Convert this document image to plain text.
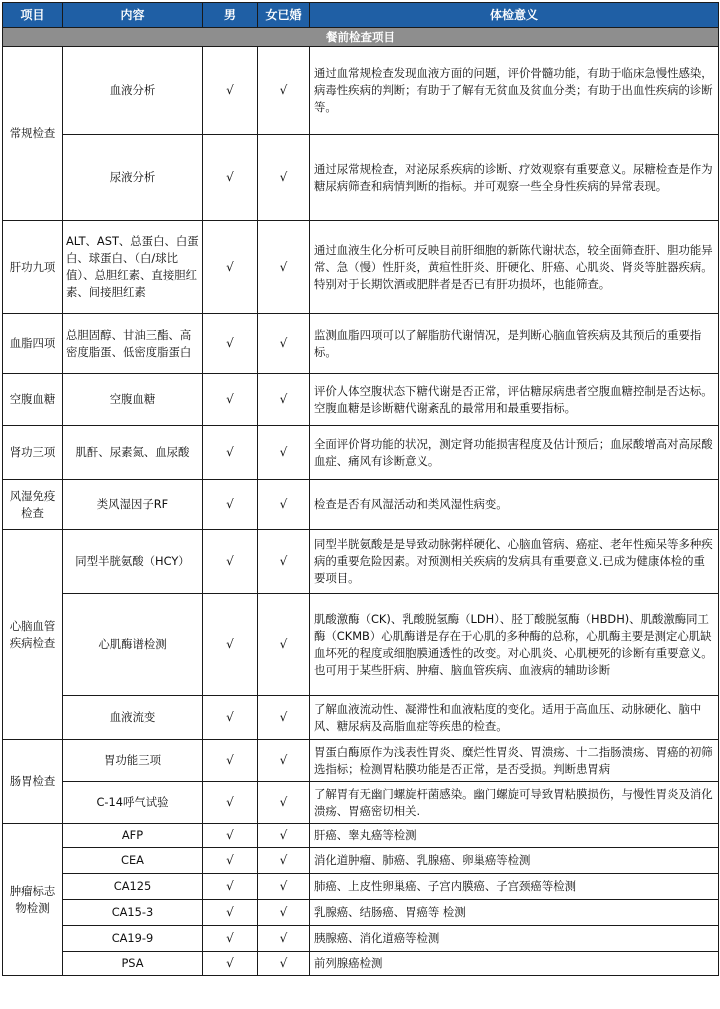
项目	内容	男	女已婚	体检意义
餐前检查项目				
常规检查	血液分析	√	√	通过血常规检查发现血液方面的问题，评价骨髓功能，有助于临床急慢性感染，病毒性疾病的判断；有助于了解有无贫血及贫血分类；有助于出血性疾病的诊断等。
	尿液分析	√	√	通过尿常规检查，对泌尿系疾病的诊断、疗效观察有重要意义。尿糖检查是作为糖尿病筛查和病情判断的指标。并可观察一些全身性疾病的异常表现。
肝功九项	ALT、AST、总蛋白、白蛋白、球蛋白、（白/球比值）、总胆红素、直接胆红素、间接胆红素	√	√	通过血液生化分析可反映目前肝细胞的新陈代谢状态，较全面筛查肝、胆功能异常、急（慢）性肝炎，黄疸性肝炎、肝硬化、肝癌、心肌炎、肾炎等脏器疾病。特别对于长期饮酒或肥胖者是否已有肝功损坏，也能筛查。
血脂四项	总胆固醇、甘油三酯、高密度脂蛋、低密度脂蛋白	√	√	监测血脂四项可以了解脂肪代谢情况，是判断心脑血管疾病及其预后的重要指标。
空腹血糖	空腹血糖	√	√	评价人体空腹状态下糖代谢是否正常，评估糖尿病患者空腹血糖控制是否达标。空腹血糖是诊断糖代谢紊乱的最常用和最重要指标。
肾功三项	肌酐、尿素氮、血尿酸	√	√	全面评价肾功能的状况，测定肾功能损害程度及估计预后；血尿酸增高对高尿酸血症、痛风有诊断意义。
风湿免疫检查	类风湿因子RF	√	√	检查是否有风湿活动和类风湿性病变。
心脑血管疾病检查	同型半胱氨酸（HCY）	√	√	同型半胱氨酸是是导致动脉粥样硬化、心脑血管病、癌症、老年性痴呆等多种疾病的重要危险因素。对预测相关疾病的发病具有重要意义.已成为健康体检的重要项目。
	心肌酶谱检测	√	√	肌酸激酶（CK)、乳酸脱氢酶（LDH）、胫丁酸脱氢酶（HBDH)、肌酸激酶同工酶（CKMB）心肌酶谱是存在于心肌的多种酶的总称，心肌酶主要是测定心肌缺血坏死的程度或细胞膜通透性的改变。对心肌炎、心肌梗死的诊断有重要意义。也可用于某些肝病、肿瘤、脑血管疾病、血液病的辅助诊断
	血液流变	√	√	了解血液流动性、凝滞性和血液粘度的变化。适用于高血压、动脉硬化、脑中风、糖尿病及高脂血症等疾患的检查。
肠胃检查	胃功能三项	√	√	胃蛋白酶原作为浅表性胃炎、糜烂性胃炎、胃溃疡、十二指肠溃疡、胃癌的初筛选指标；检测胃粘膜功能是否正常，是否受损。判断患胃病
	C-14呼气试验	√	√	了解胃有无幽门螺旋杆菌感染。幽门螺旋可导致胃粘膜损伤，与慢性胃炎及消化溃疡、胃癌密切相关.
肿瘤标志物检测	AFP	√	√	肝癌、睾丸癌等检测
	CEA	√	√	消化道肿瘤、肺癌、乳腺癌、卵巢癌等检测
	CA125	√	√	肺癌、上皮性卵巢癌、子宫内膜癌、子宫颈癌等检测
	CA15-3	√	√	乳腺癌、结肠癌、胃癌等 检测
	CA19-9	√	√	胰腺癌、消化道癌等检测
	PSA	√	√	前列腺癌检测
